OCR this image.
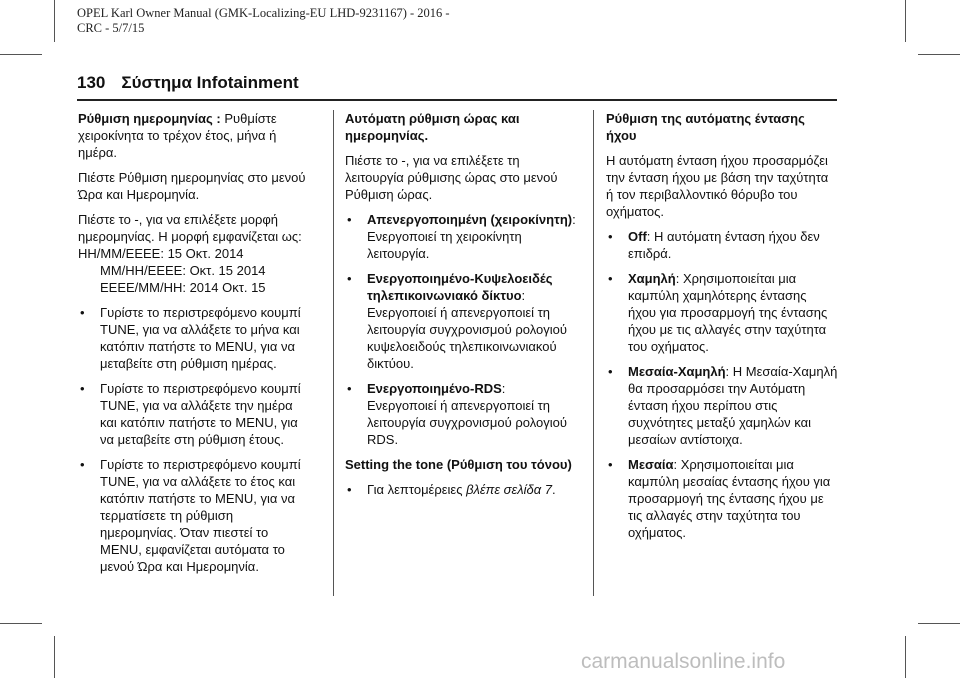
OPEL Karl Owner Manual (GMK-Localizing-EU LHD-9231167) - 2016 -
CRC - 5/7/15
130 Σύστημα Infotainment

Ρύθμιση ημερομηνίας : Ρυθμίστε χειροκίνητα το τρέχον έτος, μήνα ή ημέρα.

Πιέστε Ρύθμιση ημερομηνίας στο μενού Ώρα και Ημερομηνία.

Πιέστε το -, για να επιλέξετε μορφή ημερομηνίας. Η μορφή εμφανίζεται ως: HH/MM/EEEE: 15 Οκτ. 2014
MM/HH/EEEE: Οκτ. 15 2014
EEEE/MM/HH: 2014 Οκτ. 15

• Γυρίστε το περιστρεφόμενο κουμπί TUNE, για να αλλάξετε το μήνα και κατόπιν πατήστε το MENU, για να μεταβείτε στη ρύθμιση ημέρας.
• Γυρίστε το περιστρεφόμενο κουμπί TUNE, για να αλλάξετε την ημέρα και κατόπιν πατήστε το MENU, για να μεταβείτε στη ρύθμιση έτους.
• Γυρίστε το περιστρεφόμενο κουμπί TUNE, για να αλλάξετε το έτος και κατόπιν πατήστε το MENU, για να τερματίσετε τη ρύθμιση ημερομηνίας. Όταν πιεστεί το MENU, εμφανίζεται αυτόματα το μενού Ώρα και Ημερομηνία.

Αυτόματη ρύθμιση ώρας και ημερομηνίας.

Πιέστε το -, για να επιλέξετε τη λειτουργία ρύθμισης ώρας στο μενού Ρύθμιση ώρας.

• Απενεργοποιημένη (χειροκίνητη): Ενεργοποιεί τη χειροκίνητη λειτουργία.
• Ενεργοποιημένο-Κυψελοειδές τηλεπικοινωνιακό δίκτυο: Ενεργοποιεί ή απενεργοποιεί τη λειτουργία συγχρονισμού ρολογιού κυψελοειδούς τηλεπικοινωνιακού δικτύου.
• Ενεργοποιημένο-RDS: Ενεργοποιεί ή απενεργοποιεί τη λειτουργία συγχρονισμού ρολογιού RDS.

Setting the tone (Ρύθμιση του τόνου)

• Για λεπτομέρειες βλέπε σελίδα 7.

Ρύθμιση της αυτόματης έντασης ήχου

Η αυτόματη ένταση ήχου προσαρμόζει την ένταση ήχου με βάση την ταχύτητα ή τον περιβαλλοντικό θόρυβο του οχήματος.

• Off: Η αυτόματη ένταση ήχου δεν επιδρά.
• Χαμηλή: Χρησιμοποιείται μια καμπύλη χαμηλότερης έντασης ήχου για προσαρμογή της έντασης ήχου με τις αλλαγές στην ταχύτητα του οχήματος.
• Μεσαία-Χαμηλή: Η Μεσαία-Χαμηλή θα προσαρμόσει την Αυτόματη ένταση ήχου περίπου στις συχνότητες μεταξύ χαμηλών και μεσαίων αντίστοιχα.
• Μεσαία: Χρησιμοποιείται μια καμπύλη μεσαίας έντασης ήχου για προσαρμογή της έντασης ήχου με τις αλλαγές στην ταχύτητα του οχήματος.
carmanualsonline.info
